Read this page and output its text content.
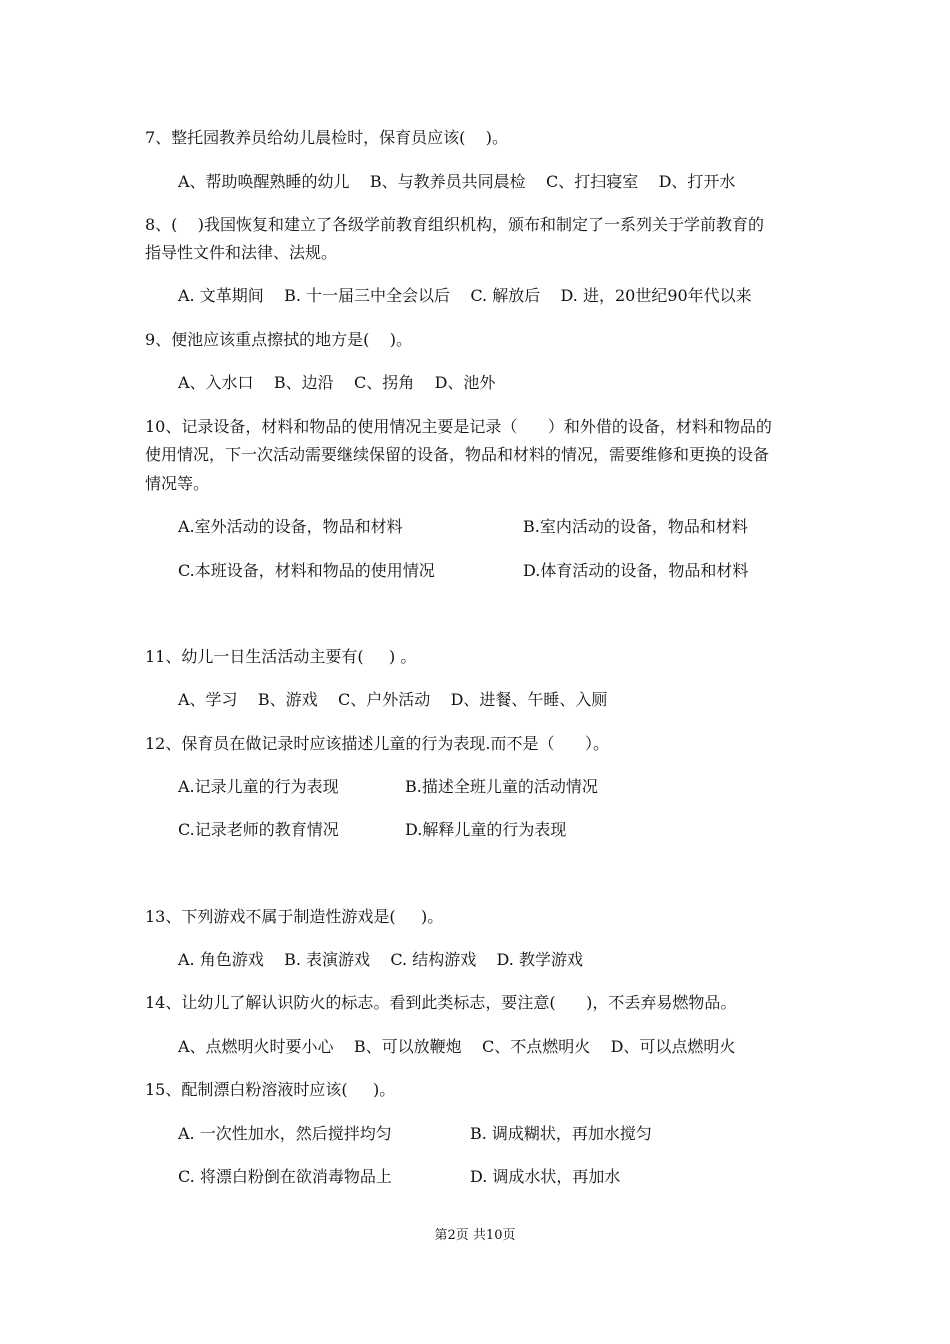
7、整托园教养员给幼儿晨检时，保育员应该(    )。
A、帮助唤醒熟睡的幼儿    B、与教养员共同晨检    C、打扫寝室    D、打开水
8、(    )我国恢复和建立了各级学前教育组织机构，颁布和制定了一系列关于学前教育的
指导性文件和法律、法规。
A. 文革期间    B. 十一届三中全会以后    C. 解放后    D. 进，20世纪90年代以来
9、便池应该重点擦拭的地方是(    )。
A、入水口    B、边沿    C、拐角    D、池外
10、记录设备，材料和物品的使用情况主要是记录（      ）和外借的设备，材料和物品的
使用情况，下一次活动需要继续保留的设备，物品和材料的情况，需要维修和更换的设备
情况等。
A.室外活动的设备，物品和材料	B.室内活动的设备，物品和材料
C.本班设备，材料和物品的使用情况	D.体育活动的设备，物品和材料
11、幼儿一日生活活动主要有(     ) 。
A、学习    B、游戏    C、户外活动    D、进餐、午睡、入厕
12、保育员在做记录时应该描述儿童的行为表现.而不是（      ）。
A.记录儿童的行为表现	B.描述全班儿童的活动情况
C.记录老师的教育情况	D.解释儿童的行为表现
13、下列游戏不属于制造性游戏是(     )。
A. 角色游戏    B. 表演游戏    C. 结构游戏    D. 教学游戏
14、让幼儿了解认识防火的标志。看到此类标志，要注意(      )，不丢弃易燃物品。
A、点燃明火时要小心    B、可以放鞭炮    C、不点燃明火    D、可以点燃明火
15、配制漂白粉溶液时应该(     )。
A. 一次性加水，然后搅拌均匀	B. 调成糊状，再加水搅匀
C. 将漂白粉倒在欲消毒物品上	D. 调成水状，再加水
第2页 共10页
